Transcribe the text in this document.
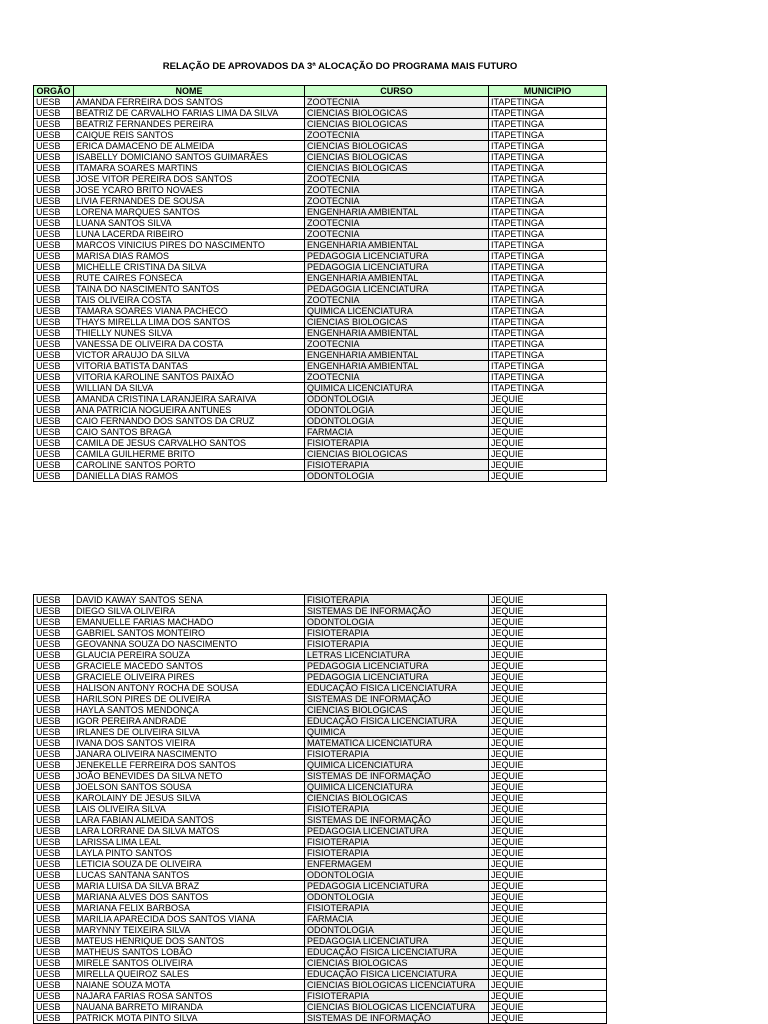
RELAÇÃO DE APROVADOS DA 3ª ALOCAÇÃO DO PROGRAMA MAIS FUTURO
ORGÃO	NOME	CURSO	MUNICIPIO
UESB	AMANDA FERREIRA DOS SANTOS	ZOOTECNIA	ITAPETINGA
UESB	BEATRIZ DE CARVALHO FARIAS LIMA DA SILVA	CIENCIAS BIOLOGICAS	ITAPETINGA
UESB	BEATRIZ FERNANDES PEREIRA	CIENCIAS BIOLOGICAS	ITAPETINGA
UESB	CAIQUE REIS SANTOS	ZOOTECNIA	ITAPETINGA
UESB	ERICA DAMACENO DE ALMEIDA	CIENCIAS BIOLOGICAS	ITAPETINGA
UESB	ISABELLY DOMICIANO SANTOS GUIMARÃES	CIENCIAS BIOLOGICAS	ITAPETINGA
UESB	ITAMARA SOARES MARTINS	CIENCIAS BIOLOGICAS	ITAPETINGA
UESB	JOSE VITOR PEREIRA DOS SANTOS	ZOOTECNIA	ITAPETINGA
UESB	JOSE YCARO BRITO NOVAES	ZOOTECNIA	ITAPETINGA
UESB	LIVIA FERNANDES DE SOUSA	ZOOTECNIA	ITAPETINGA
UESB	LORENA MARQUES SANTOS	ENGENHARIA AMBIENTAL	ITAPETINGA
UESB	LUANA SANTOS SILVA	ZOOTECNIA	ITAPETINGA
UESB	LUNA LACERDA RIBEIRO	ZOOTECNIA	ITAPETINGA
UESB	MARCOS VINICIUS PIRES DO NASCIMENTO	ENGENHARIA AMBIENTAL	ITAPETINGA
UESB	MARISA DIAS RAMOS	PEDAGOGIA LICENCIATURA	ITAPETINGA
UESB	MICHELLE CRISTINA DA SILVA	PEDAGOGIA LICENCIATURA	ITAPETINGA
UESB	RUTE CAIRES FONSECA	ENGENHARIA AMBIENTAL	ITAPETINGA
UESB	TAINA DO NASCIMENTO SANTOS	PEDAGOGIA LICENCIATURA	ITAPETINGA
UESB	TAIS OLIVEIRA COSTA	ZOOTECNIA	ITAPETINGA
UESB	TAMARA SOARES VIANA PACHECO	QUIMICA LICENCIATURA	ITAPETINGA
UESB	THAYS MIRELLA LIMA DOS SANTOS	CIENCIAS BIOLOGICAS	ITAPETINGA
UESB	THIELLY NUNES SILVA	ENGENHARIA AMBIENTAL	ITAPETINGA
UESB	VANESSA DE OLIVEIRA DA COSTA	ZOOTECNIA	ITAPETINGA
UESB	VICTOR ARAUJO DA SILVA	ENGENHARIA AMBIENTAL	ITAPETINGA
UESB	VITORIA BATISTA DANTAS	ENGENHARIA AMBIENTAL	ITAPETINGA
UESB	VITORIA KAROLINE SANTOS PAIXÃO	ZOOTECNIA	ITAPETINGA
UESB	WILLIAN DA SILVA	QUIMICA LICENCIATURA	ITAPETINGA
UESB	AMANDA CRISTINA LARANJEIRA SARAIVA	ODONTOLOGIA	JEQUIE
UESB	ANA PATRICIA NOGUEIRA ANTUNES	ODONTOLOGIA	JEQUIE
UESB	CAIO FERNANDO DOS SANTOS DA CRUZ	ODONTOLOGIA	JEQUIE
UESB	CAIO SANTOS BRAGA	FARMACIA	JEQUIE
UESB	CAMILA DE JESUS CARVALHO SANTOS	FISIOTERAPIA	JEQUIE
UESB	CAMILA GUILHERME BRITO	CIENCIAS BIOLOGICAS	JEQUIE
UESB	CAROLINE SANTOS PORTO	FISIOTERAPIA	JEQUIE
UESB	DANIELLA DIAS RAMOS	ODONTOLOGIA	JEQUIE
UESB	DAVID KAWAY SANTOS SENA	FISIOTERAPIA	JEQUIE
UESB	DIEGO SILVA OLIVEIRA	SISTEMAS DE INFORMAÇÃO	JEQUIE
UESB	EMANUELLE FARIAS MACHADO	ODONTOLOGIA	JEQUIE
UESB	GABRIEL SANTOS MONTEIRO	FISIOTERAPIA	JEQUIE
UESB	GEOVANNA SOUZA DO NASCIMENTO	FISIOTERAPIA	JEQUIE
UESB	GLAUCIA PEREIRA SOUZA	LETRAS LICENCIATURA	JEQUIE
UESB	GRACIELE MACEDO SANTOS	PEDAGOGIA LICENCIATURA	JEQUIE
UESB	GRACIELE OLIVEIRA PIRES	PEDAGOGIA LICENCIATURA	JEQUIE
UESB	HALISON ANTONY ROCHA DE SOUSA	EDUCAÇÃO FISICA LICENCIATURA	JEQUIE
UESB	HARILSON PIRES DE OLIVEIRA	SISTEMAS DE INFORMAÇÃO	JEQUIE
UESB	HAYLA SANTOS MENDONÇA	CIENCIAS BIOLOGICAS	JEQUIE
UESB	IGOR PEREIRA ANDRADE	EDUCAÇÃO FISICA LICENCIATURA	JEQUIE
UESB	IRLANES DE OLIVEIRA SILVA	QUIMICA	JEQUIE
UESB	IVANA DOS SANTOS VIEIRA	MATEMATICA LICENCIATURA	JEQUIE
UESB	JANARA OLIVEIRA NASCIMENTO	FISIOTERAPIA	JEQUIE
UESB	JENEKELLE FERREIRA DOS SANTOS	QUIMICA LICENCIATURA	JEQUIE
UESB	JOÃO BENEVIDES DA SILVA NETO	SISTEMAS DE INFORMAÇÃO	JEQUIE
UESB	JOELSON SANTOS SOUSA	QUIMICA LICENCIATURA	JEQUIE
UESB	KAROLAINY DE JESUS SILVA	CIENCIAS BIOLOGICAS	JEQUIE
UESB	LAIS OLIVEIRA SILVA	FISIOTERAPIA	JEQUIE
UESB	LARA FABIAN ALMEIDA SANTOS	SISTEMAS DE INFORMAÇÃO	JEQUIE
UESB	LARA LORRANE DA SILVA MATOS	PEDAGOGIA LICENCIATURA	JEQUIE
UESB	LARISSA LIMA LEAL	FISIOTERAPIA	JEQUIE
UESB	LAYLA PINTO SANTOS	FISIOTERAPIA	JEQUIE
UESB	LETICIA SOUZA DE OLIVEIRA	ENFERMAGEM	JEQUIE
UESB	LUCAS SANTANA SANTOS	ODONTOLOGIA	JEQUIE
UESB	MARIA LUISA DA SILVA BRAZ	PEDAGOGIA LICENCIATURA	JEQUIE
UESB	MARIANA ALVES DOS SANTOS	ODONTOLOGIA	JEQUIE
UESB	MARIANA FELIX BARBOSA	FISIOTERAPIA	JEQUIE
UESB	MARILIA APARECIDA DOS SANTOS VIANA	FARMACIA	JEQUIE
UESB	MARYNNY TEIXEIRA SILVA	ODONTOLOGIA	JEQUIE
UESB	MATEUS HENRIQUE DOS SANTOS	PEDAGOGIA LICENCIATURA	JEQUIE
UESB	MATHEUS SANTOS LOBÃO	EDUCAÇÃO FISICA LICENCIATURA	JEQUIE
UESB	MIRELE SANTOS OLIVEIRA	CIENCIAS BIOLOGICAS	JEQUIE
UESB	MIRELLA QUEIROZ SALES	EDUCAÇÃO FISICA LICENCIATURA	JEQUIE
UESB	NAIANE SOUZA MOTA	CIENCIAS BIOLOGICAS LICENCIATURA	JEQUIE
UESB	NAJARA FARIAS ROSA SANTOS	FISIOTERAPIA	JEQUIE
UESB	NAUANA BARRETO MIRANDA	CIENCIAS BIOLOGICAS LICENCIATURA	JEQUIE
UESB	PATRICK MOTA PINTO SILVA	SISTEMAS DE INFORMAÇÃO	JEQUIE
